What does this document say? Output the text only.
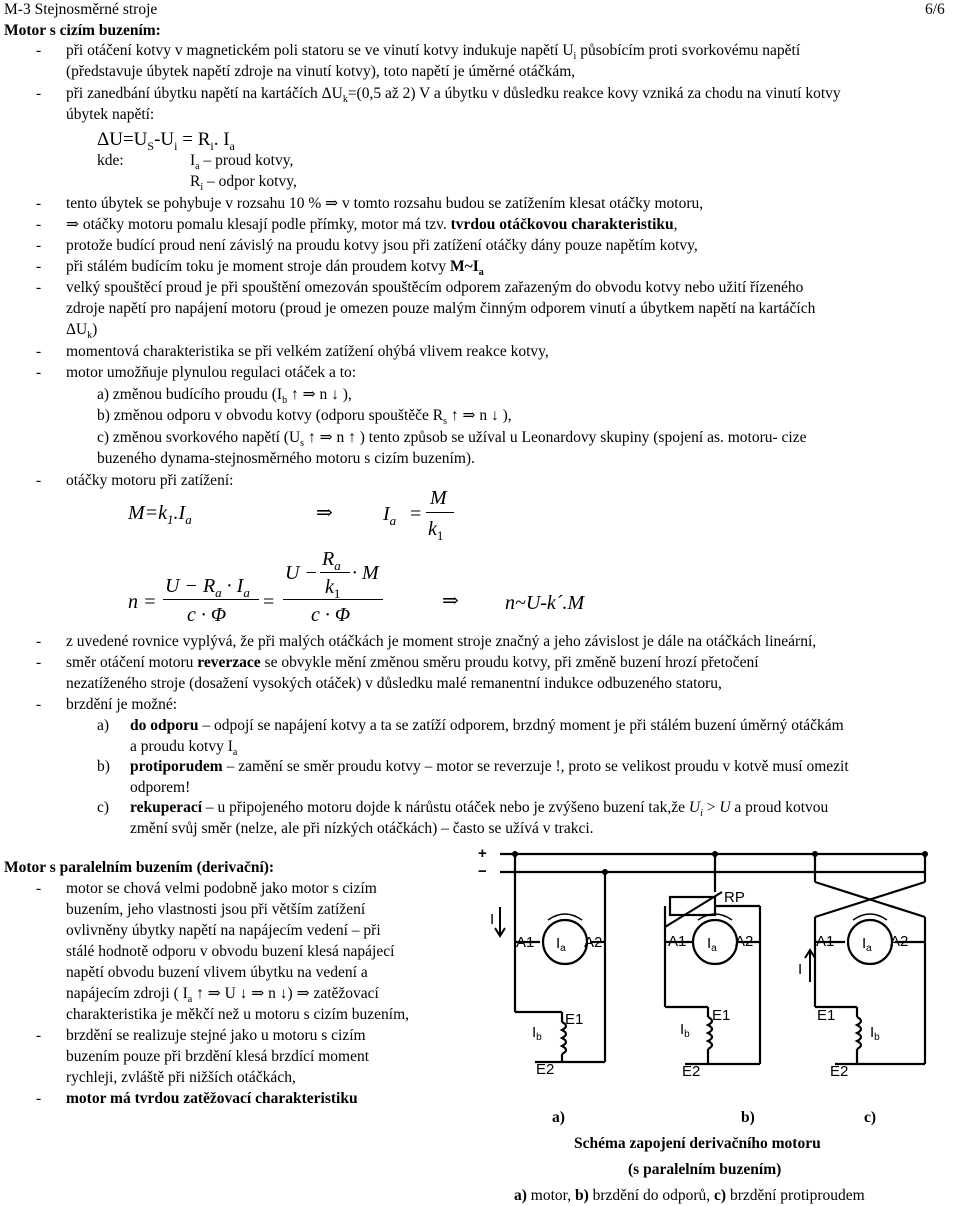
M-3 Stejnosměrné stroje	6/6
Motor s cizím buzením:
- při otáčení kotvy v magnetickém poli statoru se ve vinutí kotvy indukuje napětí $U_i$ působícím proti svorkovému napětí
(představuje úbytek napětí zdroje na vinutí kotvy), toto napětí je úměrné otáčkám,
- při zanedbání úbytku napětí na kartáčích $\Delta U_k=(0,5$ až 2) V a úbytku v důsledku reakce kovy vzniká za chodu na vinutí kotvy
úbytek napětí:
$\Delta U=U_S-U_i = R_i$. $I_a$
kde:	$I_a$ – proud kotvy,
$R_i$ – odpor kotvy,
- tento úbytek se pohybuje v rozsahu 10 % ⇒ v tomto rozsahu budou se zatížením klesat otáčky motoru,
- ⇒ otáčky motoru pomalu klesají podle přímky, motor má tzv. tvrdou otáčkovou charakteristiku,
- protože budící proud není závislý na proudu kotvy jsou při zatížení otáčky dány pouze napětím kotvy,
- při stálém budícím toku je moment stroje dán proudem kotvy $M\sim I_a$
- velký spouštěcí proud je při spouštění omezován spouštěcím odporem zařazeným do obvodu kotvy nebo užití řízeného
zdroje napětí pro napájení motoru (proud je omezen pouze malým činným odporem vinutí a úbytkem napětí na kartáčích
$\Delta U_k$)
- momentová charakteristika se při velkém zatížení ohýbá vlivem reakce kotvy,
- motor umožňuje plynulou regulaci otáček a to:
a) změnou budícího proudu ($I_b$ ↑ ⇒ n ↓ ),
b) změnou odporu v obvodu kotvy (odporu spouštěče $R_s$ ↑ ⇒ n ↓ ),
c) změnou svorkového napětí ($U_s$ ↑ ⇒ n ↑ ) tento způsob se užíval u Leonardovy skupiny (spojení as. motoru- cize
buzeného dynama-stejnosměrného motoru s cizím buzením).
- otáčky motoru při zatížení:
$M=k_1.I_a$	⇒	$I_a$ =
M
$k_1$
n =
$U - R_a \cdot I_a$
c · Φ
=
U −
$R_a$
$k_1$
· M
c · Φ
⇒ n~U-k´.M
- z uvedené rovnice vyplývá, že při malých otáčkách je moment stroje značný a jeho závislost je dále na otáčkách lineární,
- směr otáčení motoru reverzace se obvykle mění změnou směru proudu kotvy, při změně buzení hrozí přetočení
nezatíženého stroje (dosažení vysokých otáček) v důsledku malé remanentní indukce odbuzeného statoru,
- brzdění je možné:
a) do odporu – odpojí se napájení kotvy a ta se zatíží odporem, brzdný moment je při stálém buzení úměrný otáčkám
a proudu kotvy $I_a$
b) protiporudem – zamění se směr proudu kotvy – motor se reverzuje !, proto se velikost proudu v kotvě musí omezit
odporem!
c) rekuperací – u připojeného motoru dojde k nárůstu otáček nebo je zvýšeno buzení tak,že $U_i > U$ a proud kotvou
změní svůj směr (nelze, ale při nízkých otáčkách) – často se užívá v trakci.
Motor s paralelním buzením (derivační):
- motor se chová velmi podobně jako motor s cizím
buzením, jeho vlastnosti jsou při větším zatížení
ovlivněny úbytky napětí na napájecím vedení – při
stálé hodnotě odporu v obvodu buzení klesá napájecí
napětí obvodu buzení vlivem úbytku na vedení a
napájecím zdroji ( $I_a$ ↑ ⇒ U ↓ ⇒ n ↓) ⇒ zatěžovací
charakteristika je měkčí než u motoru s cizím buzením,
- brzdění se realizuje stejné jako u motoru s cizím
buzením pouze při brzdění klesá brzdící moment
rychleji, zvláště při nižších otáčkách,
- motor má tvrdou zatěžovací charakteristiku
+
−
I
A1	A2
$I_a$
E1
E2
$I_b$
RP
A1	A2
$I_a$
E1
E2
$I_b$
I
A1	A2
$I_a$
E1
E2
$I_b$
a)	b)	c)
Schéma zapojení derivačního motoru
(s paralelním buzením)
a) motor, b) brzdění do odporů, c) brzdění protiproudem
